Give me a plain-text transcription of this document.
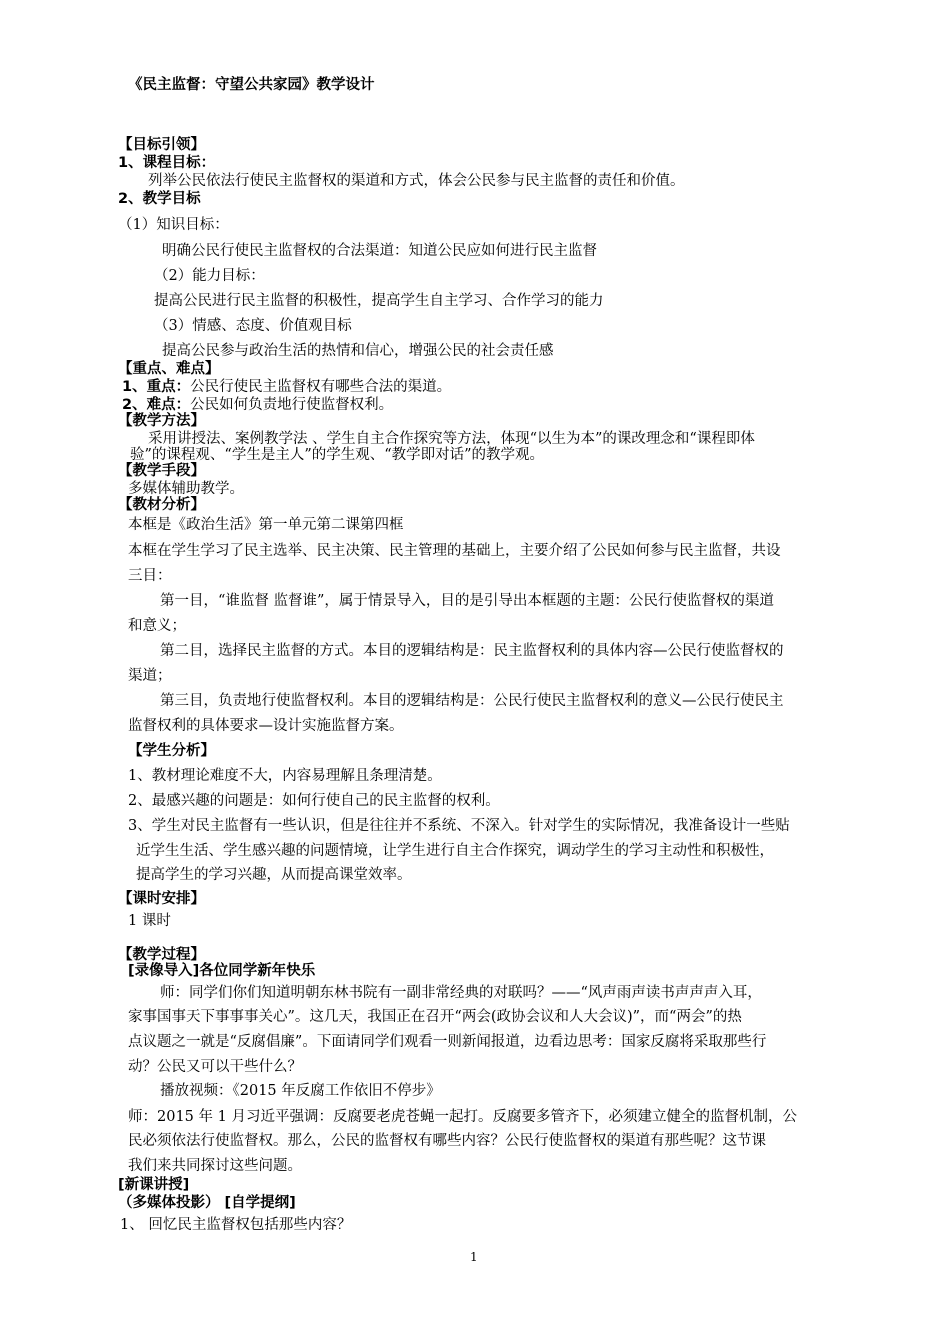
《民主监督：守望公共家园》教学设计
【目标引领】
1、课程目标：
列举公民依法行使民主监督权的渠道和方式，体会公民参与民主监督的责任和价值。
2、教学目标
（1）知识目标：
明确公民行使民主监督权的合法渠道：知道公民应如何进行民主监督
（2）能力目标：
提高公民进行民主监督的积极性，提高学生自主学习、合作学习的能力
（3）情感、态度、价值观目标
提高公民参与政治生活的热情和信心，增强公民的社会责任感
【重点、难点】
1、重点：公民行使民主监督权有哪些合法的渠道。
2、难点：公民如何负责地行使监督权利。
【教学方法】
采用讲授法、案例教学法 、学生自主合作探究等方法，体现“以生为本”的课改理念和“课程即体
验”的课程观、“学生是主人”的学生观、“教学即对话”的教学观。
【教学手段】
多媒体辅助教学。
【教材分析】
本框是《政治生活》第一单元第二课第四框
本框在学生学习了民主选举、民主决策、民主管理的基础上，主要介绍了公民如何参与民主监督，共设
三目：
第一目，“谁监督 监督谁”，属于情景导入，目的是引导出本框题的主题：公民行使监督权的渠道
和意义；
第二目，选择民主监督的方式。本目的逻辑结构是：民主监督权利的具体内容—公民行使监督权的
渠道；
第三目，负责地行使监督权利。本目的逻辑结构是：公民行使民主监督权利的意义—公民行使民主
监督权利的具体要求—设计实施监督方案。
【学生分析】
1、教材理论难度不大，内容易理解且条理清楚。
2、最感兴趣的问题是：如何行使自己的民主监督的权利。
3、学生对民主监督有一些认识，但是往往并不系统、不深入。针对学生的实际情况，我准备设计一些贴
近学生生活、学生感兴趣的问题情境，让学生进行自主合作探究，调动学生的学习主动性和积极性，
提高学生的学习兴趣，从而提高课堂效率。
【课时安排】
1 课时
【教学过程】
[录像导入]各位同学新年快乐
师：同学们你们知道明朝东林书院有一副非常经典的对联吗？——“风声雨声读书声声声入耳，
家事国事天下事事事关心”。这几天，我国正在召开“两会(政协会议和人大会议)”，而“两会”的热
点议题之一就是“反腐倡廉”。下面请同学们观看一则新闻报道，边看边思考：国家反腐将采取那些行
动？公民又可以干些什么？
播放视频：《2015 年反腐工作依旧不停步》
师：2015 年 1 月习近平强调：反腐要老虎苍蝇一起打。反腐要多管齐下，必须建立健全的监督机制，公
民必须依法行使监督权。那么，公民的监督权有哪些内容？公民行使监督权的渠道有那些呢？这节课
我们来共同探讨这些问题。
[新课讲授]
（多媒体投影） [自学提纲]
1、 回忆民主监督权包括那些内容？
1
